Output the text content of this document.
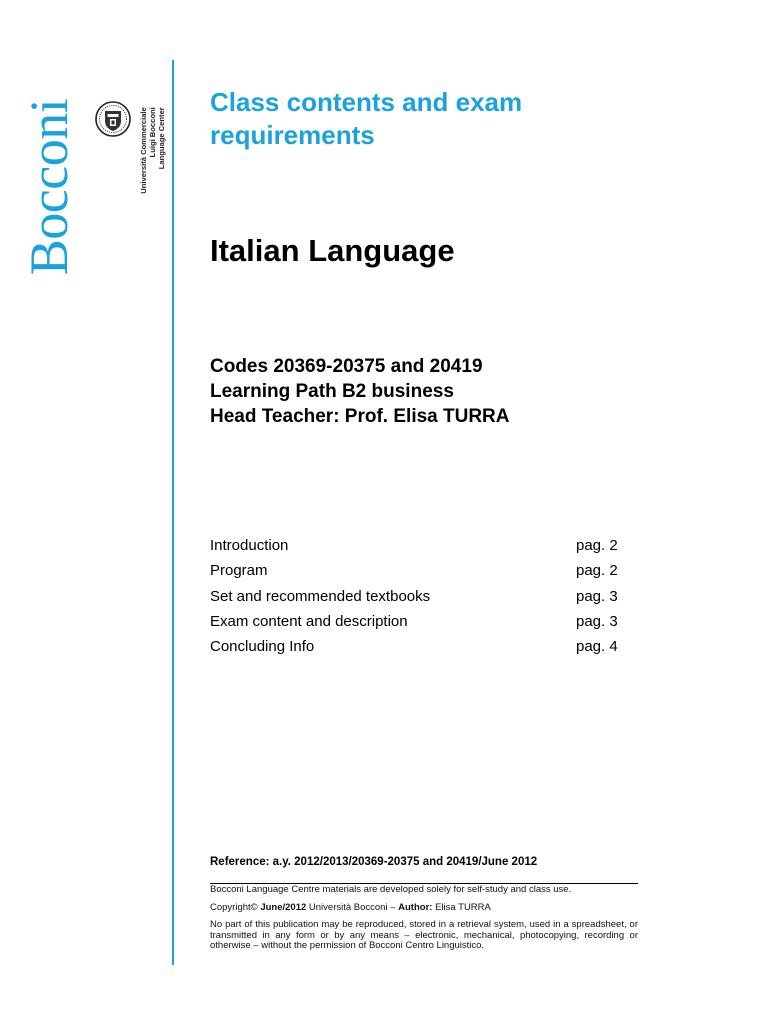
Bocconi	Università Commerciale Luigi Bocconi Language Center
Class contents and exam requirements
Italian Language
Codes 20369-20375 and 20419
Learning Path B2 business
Head Teacher: Prof. Elisa TURRA
Introduction	pag. 2
Program	pag. 2
Set and recommended textbooks	pag. 3
Exam content and description	pag. 3
Concluding Info	pag. 4
Reference: a.y. 2012/2013/20369-20375 and 20419/June 2012

Bocconi Language Centre materials are developed solely for self-study and class use.

Copyright© June/2012 Università Bocconi – Author: Elisa TURRA

No part of this publication may be reproduced, stored in a retrieval system, used in a spreadsheet, or transmitted in any form or by any means – electronic, mechanical, photocopying, recording or otherwise – without the permission of Bocconi Centro Linguistico.
